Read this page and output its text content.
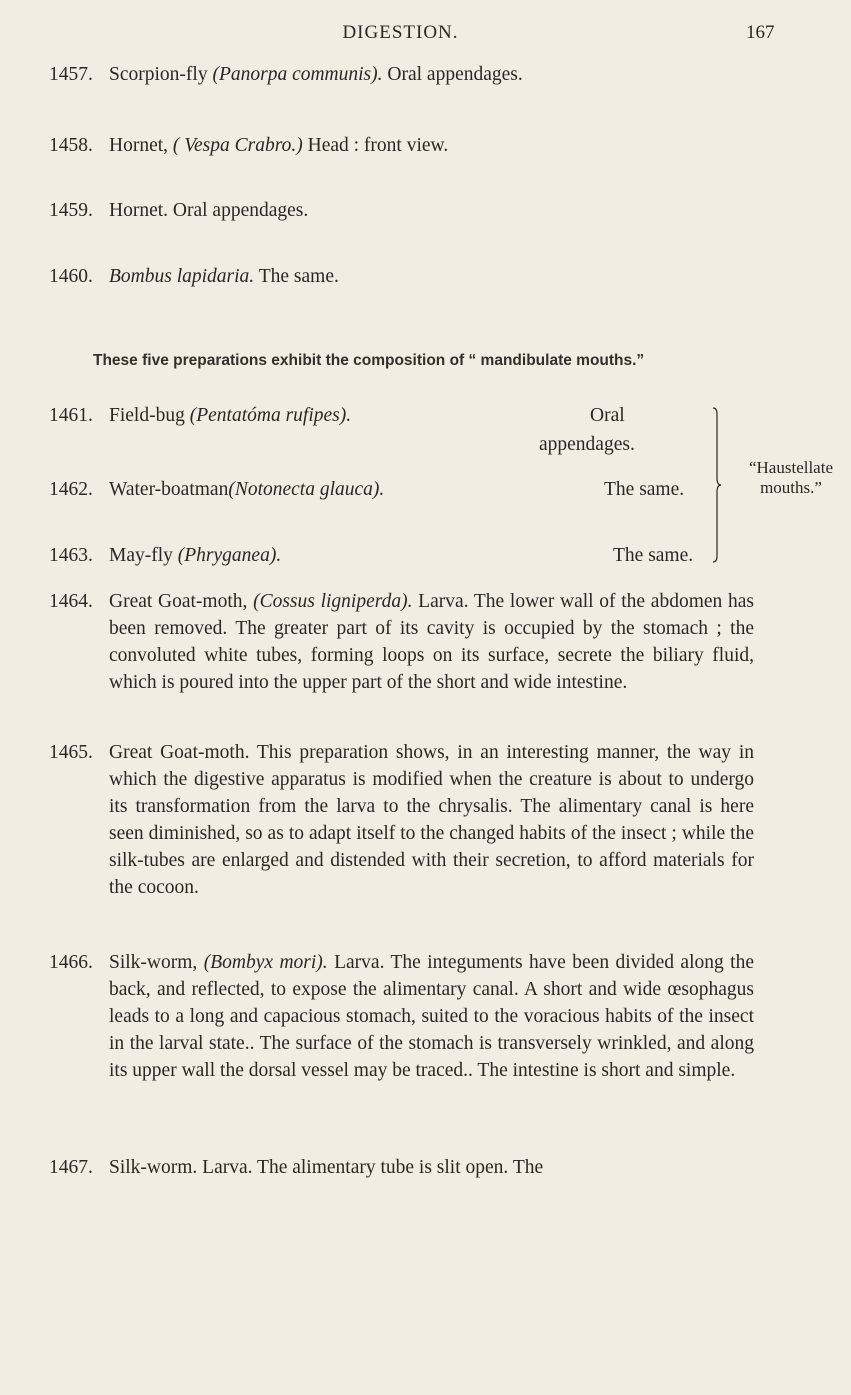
DIGESTION.	167
1457. Scorpion-fly (Panorpa communis). Oral appendages.
1458. Hornet, ( Vespa Crabro.) Head : front view.
1459. Hornet. Oral appendages.
1460. Bombus lapidaria. The same.
These five preparations exhibit the composition of “ mandibulate mouths.”
1461. Field-bug (Pentatóma rufipes).	Oral
appendages.
1462. Water-boatman(Notonecta glauca).	The same.
1463. May-fly (Phryganea).	The same.
“Haustellate
mouths.”
1464. Great Goat-moth, (Cossus ligniperda). Larva. The lower wall of the abdomen has been removed. The greater part of its cavity is occupied by the stomach ; the convoluted white tubes, forming loops on its surface, secrete the biliary fluid, which is poured into the upper part of the short and wide intestine.
1465. Great Goat-moth. This preparation shows, in an interesting manner, the way in which the digestive apparatus is modified when the creature is about to undergo its transformation from the larva to the chrysalis. The alimentary canal is here seen diminished, so as to adapt itself to the changed habits of the insect ; while the silk-tubes are enlarged and distended with their secretion, to afford materials for the cocoon.
1466. Silk-worm, (Bombyx mori). Larva. The integuments have been divided along the back, and reflected, to expose the alimentary canal. A short and wide œsophagus leads to a long and capacious stomach, suited to the voracious habits of the insect in the larval state.. The surface of the stomach is transversely wrinkled, and along its upper wall the dorsal vessel may be traced.. The intestine is short and simple.
1467. Silk-worm. Larva. The alimentary tube is slit open. The
